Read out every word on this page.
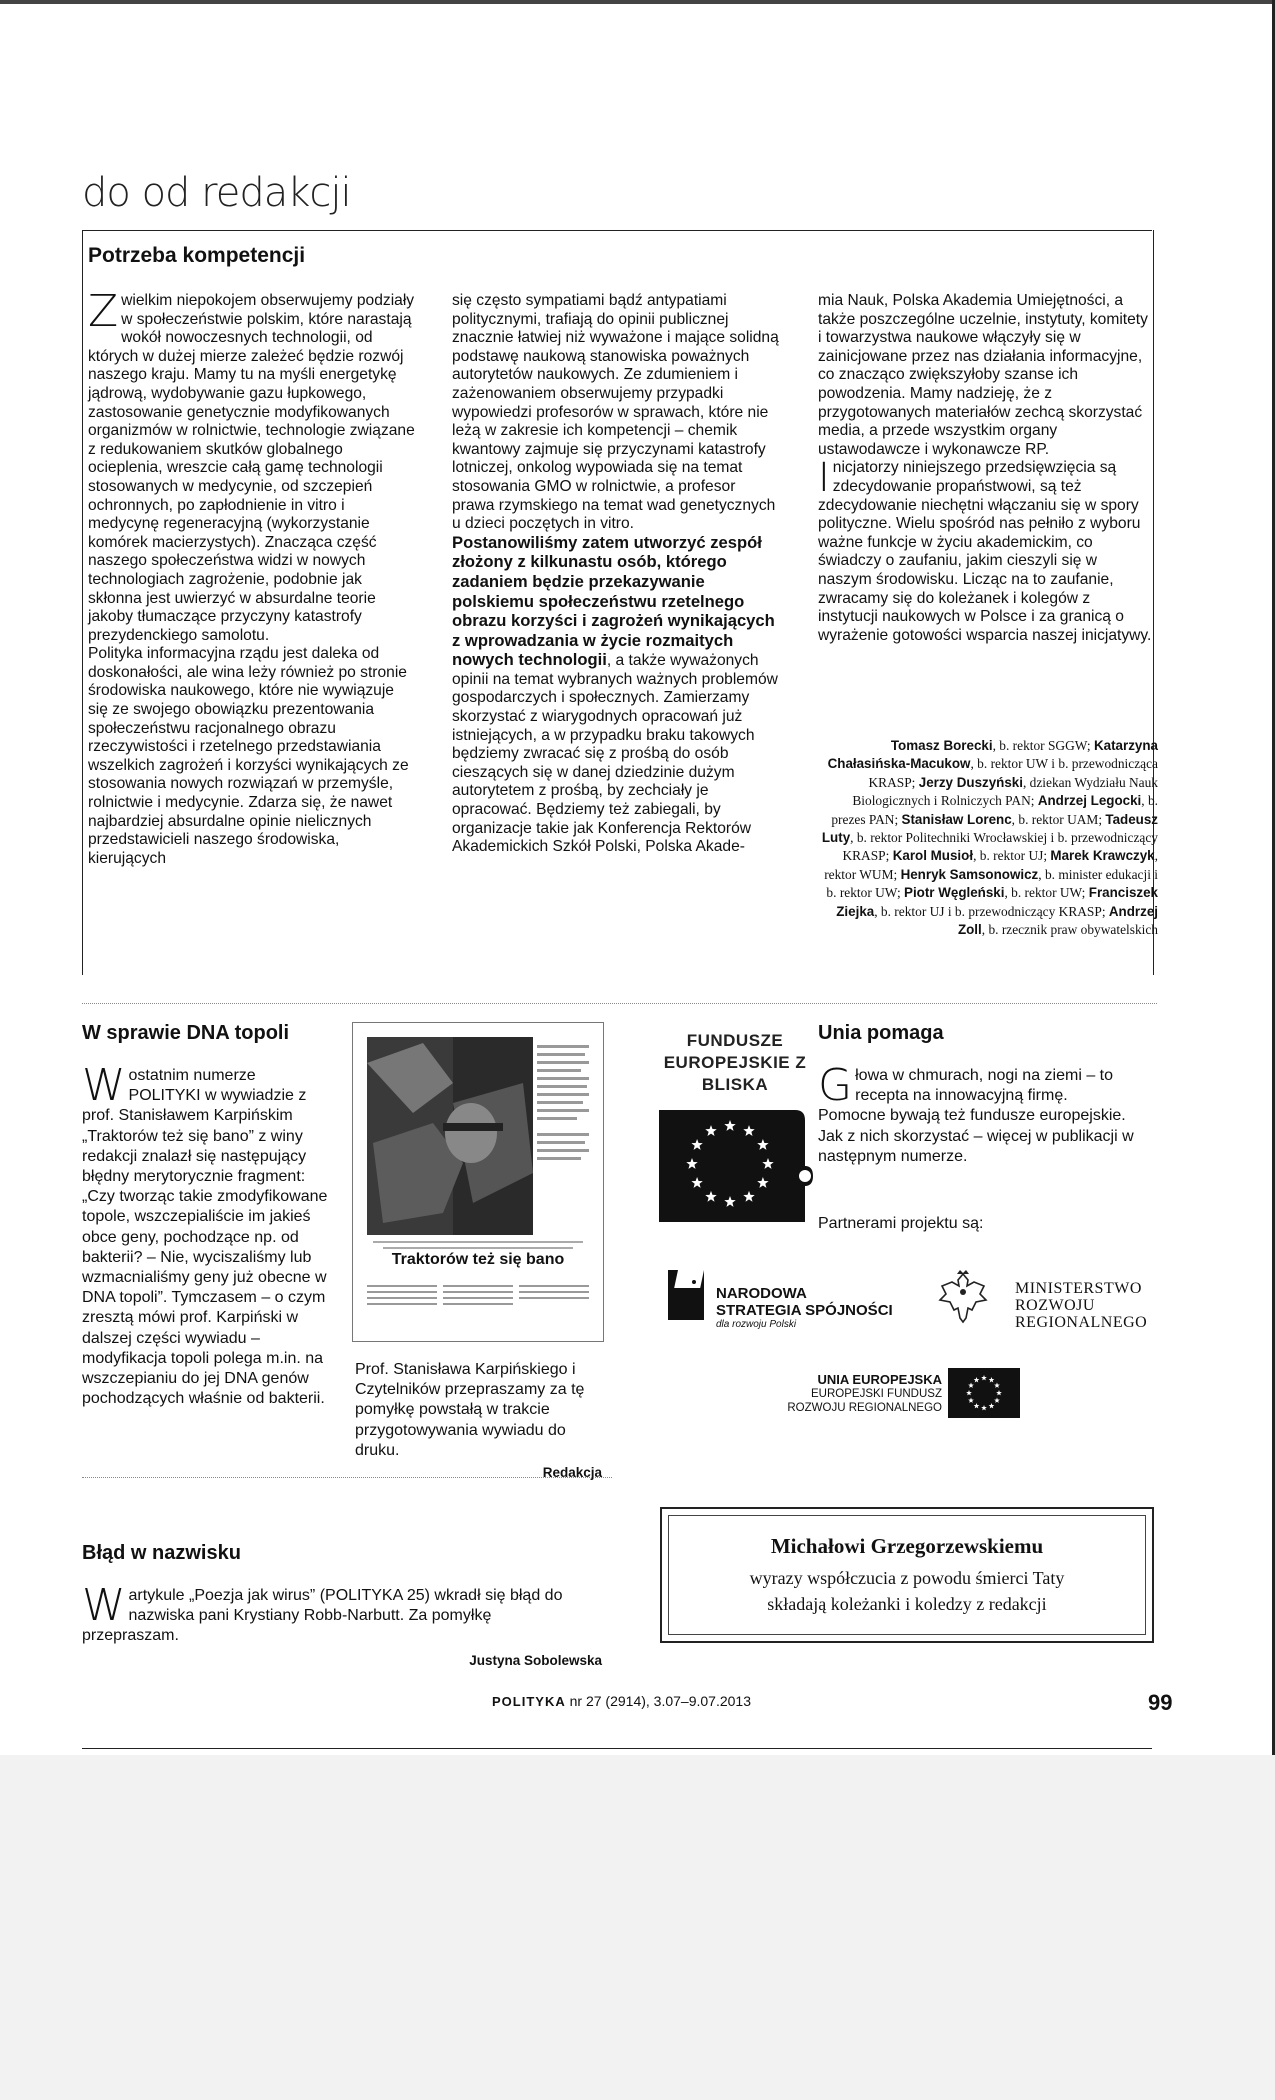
do od redakcji
Potrzeba kompetencji

Zwielkim niepokojem obserwujemy podziały w społeczeństwie polskim, które narastają wokół nowoczesnych technologii, od których w dużej mierze zależeć będzie rozwój naszego kraju. Mamy tu na myśli energetykę jądrową, wydobywanie gazu łupkowego, zastosowanie genetycznie modyfikowanych organizmów w rolnictwie, technologie związane z redukowaniem skutków globalnego ocieplenia, wreszcie całą gamę technologii stosowanych w medycynie, od szczepień ochronnych, po zapłodnienie in vitro i medycynę regeneracyjną (wykorzystanie komórek macierzystych). Znacząca część naszego społeczeństwa widzi w nowych technologiach zagrożenie, podobnie jak skłonna jest uwierzyć w absurdalne teorie jakoby tłumaczące przyczyny katastrofy prezydenckiego samolotu.

Polityka informacyjna rządu jest daleka od doskonałości, ale wina leży również po stronie środowiska naukowego, które nie wywiązuje się ze swojego obowiązku prezentowania społeczeństwu racjonalnego obrazu rzeczywistości i rzetelnego przedstawiania wszelkich zagrożeń i korzyści wynikających ze stosowania nowych rozwiązań w przemyśle, rolnictwie i medycynie. Zdarza się, że nawet najbardziej absurdalne opinie nielicznych przedstawicieli naszego środowiska, kierujących

się często sympatiami bądź antypatiami politycznymi, trafiają do opinii publicznej znacznie łatwiej niż wyważone i mające solidną podstawę naukową stanowiska poważnych autorytetów naukowych. Ze zdumieniem i zażenowaniem obserwujemy przypadki wypowiedzi profesorów w sprawach, które nie leżą w zakresie ich kompetencji – chemik kwantowy zajmuje się przyczynami katastrofy lotniczej, onkolog wypowiada się na temat stosowania GMO w rolnictwie, a profesor prawa rzymskiego na temat wad genetycznych u dzieci poczętych in vitro.

Postanowiliśmy zatem utworzyć zespół złożony z kilkunastu osób, którego zadaniem będzie przekazywanie polskiemu społeczeństwu rzetelnego obrazu korzyści i zagrożeń wynikających z wprowadzania w życie rozmaitych nowych technologii, a także wyważonych opinii na temat wybranych ważnych problemów gospodarczych i społecznych. Zamierzamy skorzystać z wiarygodnych opracowań już istniejących, a w przypadku braku takowych będziemy zwracać się z prośbą do osób cieszących się w danej dziedzinie dużym autorytetem z prośbą, by zechciały je opracować. Będziemy też zabiegali, by organizacje takie jak Konferencja Rektorów Akademickich Szkół Polski, Polska Akade-

mia Nauk, Polska Akademia Umiejętności, a także poszczególne uczelnie, instytuty, komitety i towarzystwa naukowe włączyły się w zainicjowane przez nas działania informacyjne, co znacząco zwiększyłoby szanse ich powodzenia. Mamy nadzieję, że z przygotowanych materiałów zechcą skorzystać media, a przede wszystkim organy ustawodawcze i wykonawcze RP.

Inicjatorzy niniejszego przedsięwzięcia są zdecydowanie propaństwowi, są też zdecydowanie niechętni włączaniu się w spory polityczne. Wielu spośród nas pełniło z wyboru ważne funkcje w życiu akademickim, co świadczy o zaufaniu, jakim cieszyli się w naszym środowisku. Licząc na to zaufanie, zwracamy się do koleżanek i kolegów z instytucji naukowych w Polsce i za granicą o wyrażenie gotowości wsparcia naszej inicjatywy.

Tomasz Borecki, b. rektor SGGW; Katarzyna Chałasińska-Macukow, b. rektor UW i b. przewodnicząca KRASP; Jerzy Duszyński, dziekan Wydziału Nauk Biologicznych i Rolniczych PAN; Andrzej Legocki, b. prezes PAN; Stanisław Lorenc, b. rektor UAM; Tadeusz Luty, b. rektor Politechniki Wrocławskiej i b. przewodniczący KRASP; Karol Musioł, b. rektor UJ; Marek Krawczyk, rektor WUM; Henryk Samsonowicz, b. minister edukacji i b. rektor UW; Piotr Węgleński, b. rektor UW; Franciszek Ziejka, b. rektor UJ i b. przewodniczący KRASP; Andrzej Zoll, b. rzecznik praw obywatelskich
W sprawie DNA topoli

Wostatnim numerze POLITYKI w wywiadzie z prof. Stanisławem Karpińskim „Traktorów też się bano” z winy redakcji znalazł się następujący błędny merytorycznie fragment: „Czy tworząc takie zmodyfikowane topole, wszczepialiście im jakieś obce geny, pochodzące np. od bakterii? – Nie, wyciszaliśmy lub wzmacnialiśmy geny już obecne w DNA topoli”. Tymczasem – o czym zresztą mówi prof. Karpiński w dalszej części wywiadu – modyfikacja topoli polega m.in. na wszczepianiu do jej DNA genów pochodzących właśnie od bakterii.

Traktorów też się bano
Prof. Stanisława Karpińskiego i Czytelników przepraszamy za tę pomyłkę powstałą w trakcie przygotowywania wywiadu do druku.
Redakcja
FUNDUSZE EUROPEJSKIE Z BLISKA
Unia pomaga

Głowa w chmurach, nogi na ziemi – to recepta na innowacyjną firmę. Pomocne bywają też fundusze europejskie. Jak z nich skorzystać – więcej w publikacji w następnym numerze.

Partnerami projektu są:
NARODOWA
STRATEGIA SPÓJNOŚCI
dla rozwoju Polski
MINISTERSTWO
ROZWOJU
REGIONALNEGO
UNIA EUROPEJSKA
EUROPEJSKI FUNDUSZ
ROZWOJU REGIONALNEGO
Błąd w nazwisku

Wartykule „Poezja jak wirus” (POLITYKA 25) wkradł się błąd do nazwiska pani Krystiany Robb-Narbutt. Za pomyłkę przepraszam.

Justyna Sobolewska
Michałowi Grzegorzewskiemu
wyrazy współczucia z powodu śmierci Taty
składają koleżanki i koledzy z redakcji
POLITYKA nr 27 (2914), 3.07–9.07.2013	99
